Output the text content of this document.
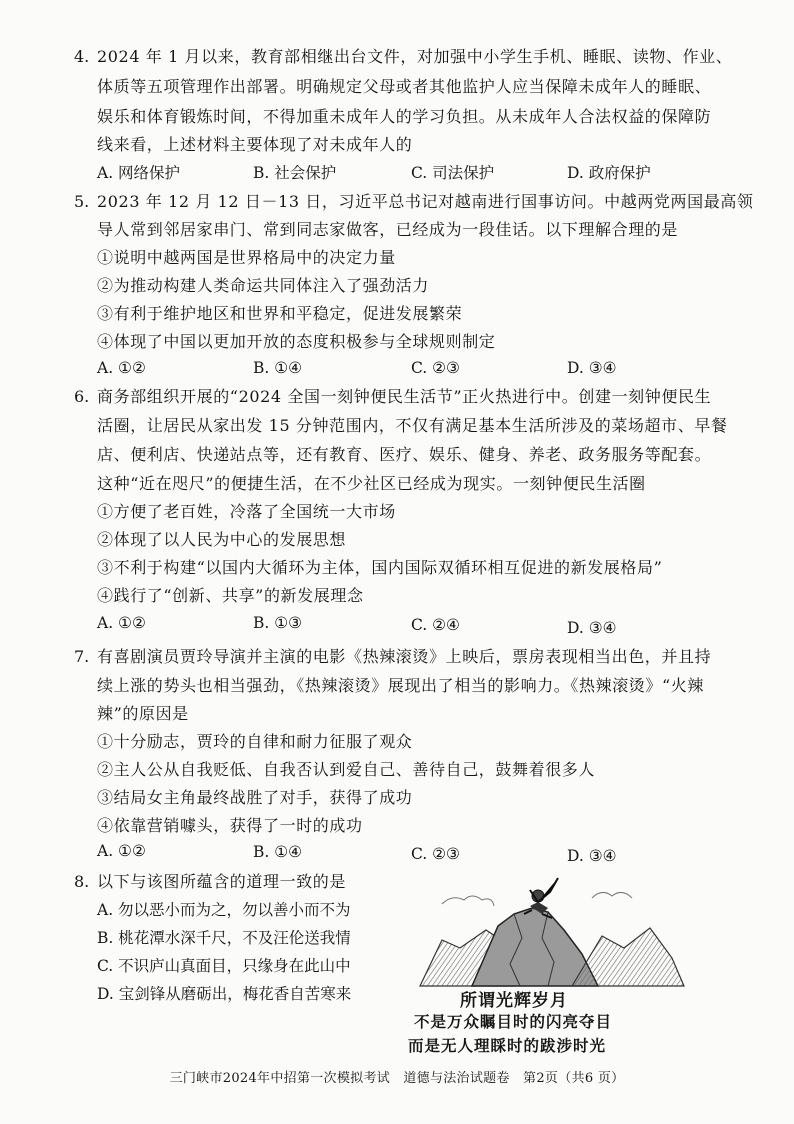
4. 2024 年 1 月以来，教育部相继出台文件，对加强中小学生手机、睡眠、读物、作业、
体质等五项管理作出部署。明确规定父母或者其他监护人应当保障未成年人的睡眠、
娱乐和体育锻炼时间，不得加重未成年人的学习负担。从未成年人合法权益的保障防
线来看，上述材料主要体现了对未成年人的
A. 网络保护	B. 社会保护	C. 司法保护	D. 政府保护
5. 2023 年 12 月 12 日－13 日，习近平总书记对越南进行国事访问。中越两党两国最高领
导人常到邻居家串门、常到同志家做客，已经成为一段佳话。以下理解合理的是
①说明中越两国是世界格局中的决定力量
②为推动构建人类命运共同体注入了强劲活力
③有利于维护地区和世界和平稳定，促进发展繁荣
④体现了中国以更加开放的态度积极参与全球规则制定
A. ①②	B. ①④	C. ②③	D. ③④
6. 商务部组织开展的“2024 全国一刻钟便民生活节”正火热进行中。创建一刻钟便民生
活圈，让居民从家出发 15 分钟范围内，不仅有满足基本生活所涉及的菜场超市、早餐
店、便利店、快递站点等，还有教育、医疗、娱乐、健身、养老、政务服务等配套。
这种“近在咫尺”的便捷生活，在不少社区已经成为现实。一刻钟便民生活圈
①方便了老百姓，冷落了全国统一大市场
②体现了以人民为中心的发展思想
③不利于构建“以国内大循环为主体，国内国际双循环相互促进的新发展格局”
④践行了“创新、共享”的新发展理念
A. ①②	B. ①③	C. ②④	D. ③④
7. 有喜剧演员贾玲导演并主演的电影《热辣滚烫》上映后，票房表现相当出色，并且持
续上涨的势头也相当强劲，《热辣滚烫》展现出了相当的影响力。《热辣滚烫》“火辣
辣”的原因是
①十分励志，贾玲的自律和耐力征服了观众
②主人公从自我贬低、自我否认到爱自己、善待自己，鼓舞着很多人
③结局女主角最终战胜了对手，获得了成功
④依靠营销噱头，获得了一时的成功
A. ①②	B. ①④	C. ②③	D. ③④
8. 以下与该图所蕴含的道理一致的是
A. 勿以恶小而为之，勿以善小而不为
B. 桃花潭水深千尺，不及汪伦送我情
C. 不识庐山真面目，只缘身在此山中
D. 宝剑锋从磨砺出，梅花香自苦寒来	所谓光辉岁月
不是万众瞩目时的闪亮夺目
而是无人理睬时的跋涉时光
三门峡市2024年中招第一次模拟考试　道德与法治试题卷　第2页（共6 页）
